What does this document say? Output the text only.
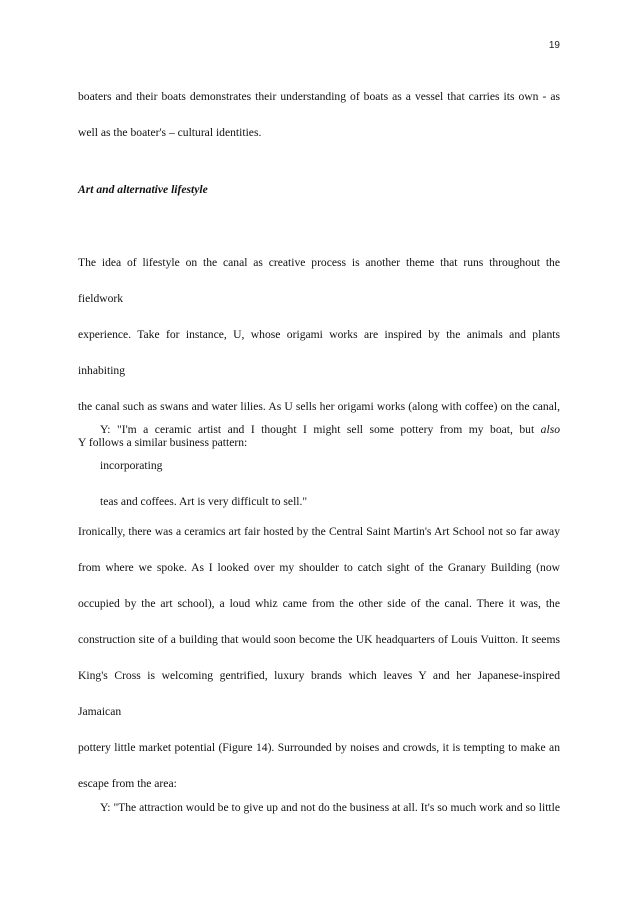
19
boaters and their boats demonstrates their understanding of boats as a vessel that carries its own - as
well as the boater's – cultural identities.
Art and alternative lifestyle
The idea of lifestyle on the canal as creative process is another theme that runs throughout the fieldwork
experience. Take for instance, U, whose origami works are inspired by the animals and plants inhabiting
the canal such as swans and water lilies. As U sells her origami works (along with coffee) on the canal,
Y follows a similar business pattern:
Y: "I'm a ceramic artist and I thought I might sell some pottery from my boat, but also incorporating
teas and coffees. Art is very difficult to sell."
Ironically, there was a ceramics art fair hosted by the Central Saint Martin's Art School not so far away
from where we spoke. As I looked over my shoulder to catch sight of the Granary Building (now
occupied by the art school), a loud whiz came from the other side of the canal. There it was, the
construction site of a building that would soon become the UK headquarters of Louis Vuitton. It seems
King's Cross is welcoming gentrified, luxury brands which leaves Y and her Japanese-inspired Jamaican
pottery little market potential (Figure 14). Surrounded by noises and crowds, it is tempting to make an
escape from the area:
Y: "The attraction would be to give up and not do the business at all. It's so much work and so little
